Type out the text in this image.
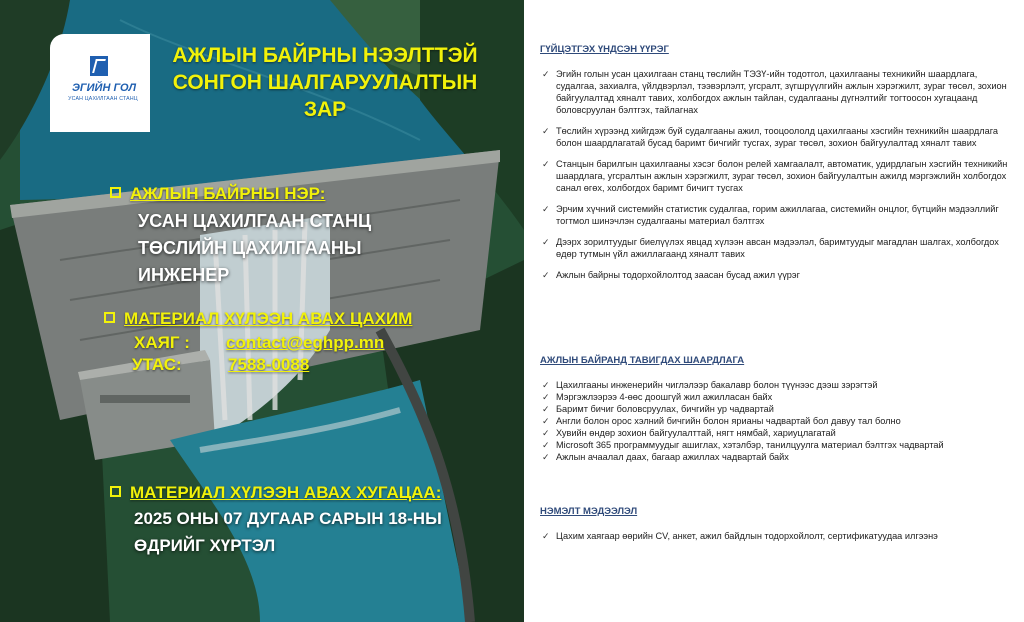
ЭГИЙН ГОЛ
УСАН ЦАХИЛГААН СТАНЦ
АЖЛЫН БАЙРНЫ НЭЭЛТТЭЙ
СОНГОН ШАЛГАРУУЛАЛТЫН
ЗАР
АЖЛЫН БАЙРНЫ НЭР:
УСАН ЦАХИЛГААН СТАНЦ
ТӨСЛИЙН ЦАХИЛГААНЫ
ИНЖЕНЕР
МАТЕРИАЛ ХҮЛЭЭН АВАХ ЦАХИМ
ХАЯГ : contact@eghpp.mn
УТАС:	7588-0088
МАТЕРИАЛ ХҮЛЭЭН АВАХ ХУГАЦАА:
2025 ОНЫ 07 ДУГААР САРЫН 18-НЫ
ӨДРИЙГ ХҮРТЭЛ
ГҮЙЦЭТГЭХ ҮНДСЭН ҮҮРЭГ
✓ Эгийн голын усан цахилгаан станц төслийн ТЭЗҮ-ийн тодотгол, цахилгааны техникийн шаардлага, судалгаа, захиалга, үйлдвэрлэл, тээвэрлэлт, угсралт, зүгшрүүлгийн ажлын хэрэгжилт, зураг төсөл, зохион байгуулалтад хяналт тавих, холбогдох ажлын тайлан, судалгааны дүгнэлтийг тогтоосон хугацаанд боловсруулан бэлтгэх, тайлагнах
✓ Төслийн хүрээнд хийгдэж буй судалгааны ажил, тооцоололд цахилгааны хэсгийн техникийн шаардлага болон шаардлагатай бусад баримт бичгийг тусгах, зураг төсөл, зохион байгуулалтад хяналт тавих
✓ Станцын барилгын цахилгааны хэсэг болон релей хамгаалалт, автоматик, удирдлагын хэсгийн техникийн шаардлага, угсралтын ажлын хэрэгжилт, зураг төсөл, зохион байгуулалтын ажилд мэргэжлийн холбогдох санал өгөх, холбогдох баримт бичигт тусгах
✓ Эрчим хүчний системийн статистик судалгаа, горим ажиллагаа, системийн онцлог, бүтцийн мэдээллийг тогтмол шинэчлэн судалгааны материал бэлтгэх
✓ Дээрх зорилтуудыг биелүүлэх явцад хүлээн авсан мэдээлэл, баримтуудыг магадлан шалгах, холбогдох өдөр тутмын үйл ажиллагаанд хяналт тавих
✓ Ажлын байрны тодорхойлолтод заасан бусад ажил үүрэг
АЖЛЫН БАЙРАНД ТАВИГДАХ ШААРДЛАГА
✓ Цахилгааны инженерийн чиглэлээр бакалавр болон түүнээс дээш зэрэгтэй
✓ Мэргэжлээрээ 4-өөс доошгүй жил ажилласан байх
✓ Баримт бичиг боловсруулах, бичгийн ур чадвартай
✓ Англи болон орос хэлний бичгийн болон ярианы чадвартай бол давуу тал болно
✓ Хувийн өндөр зохион байгуулалттай, нягт нямбай, хариуцлагатай
✓ Microsoft 365 программуудыг ашиглах, хэтэлбэр, танилцуулга материал бэлтгэх чадвартай
✓ Ажлын ачаалал даах, багаар ажиллах чадвартай байх
НЭМЭЛТ МЭДЭЭЛЭЛ
✓ Цахим хаягаар өөрийн CV, анкет, ажил байдлын тодорхойлолт, сертификатуудаа илгээнэ
